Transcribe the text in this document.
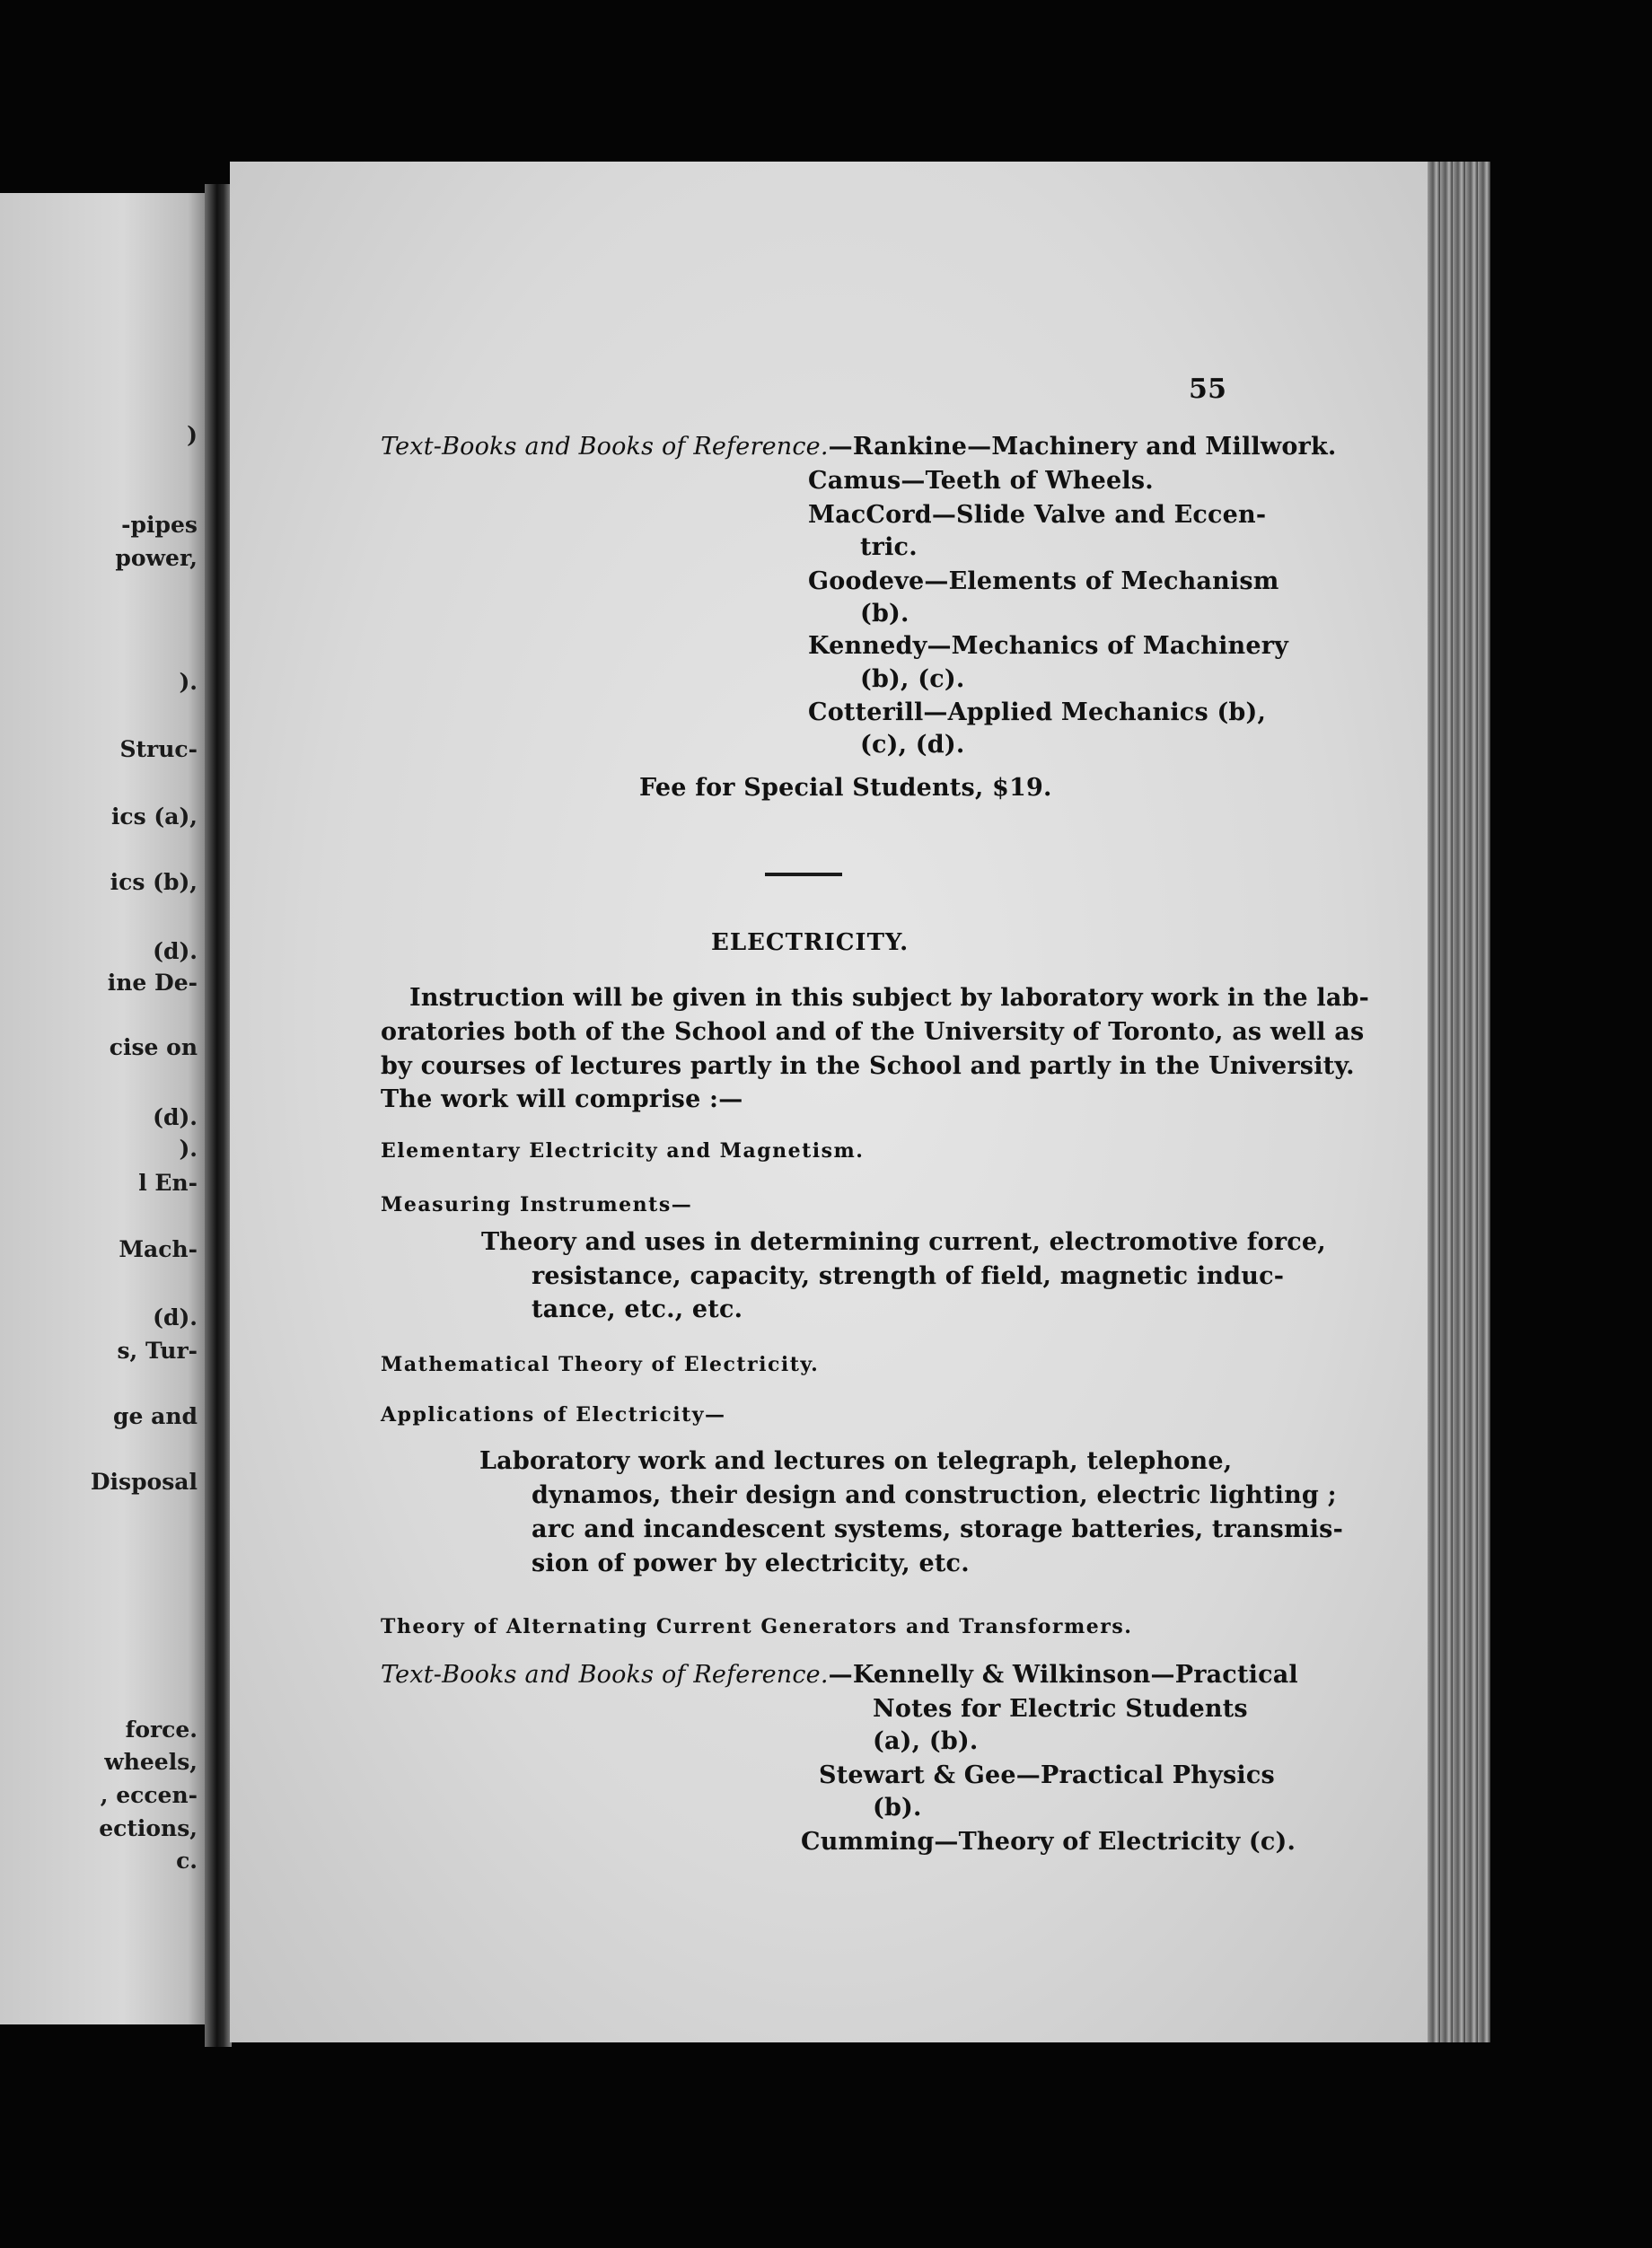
)
-pipes
power,
).
Struc-
ics (a),
ics (b),
(d).
ine De-
cise on
(d).
).
l En-
Mach-
(d).
s, Tur-
ge and
Disposal
force.
wheels,
, eccen-
ections,
c.
55
Text-Books and Books of Reference.—Rankine—Machinery and Millwork.
Camus—Teeth of Wheels.
MacCord—Slide Valve and Eccen-
tric.
Goodeve—Elements of Mechanism
(b).
Kennedy—Mechanics of Machinery
(b), (c).
Cotterill—Applied Mechanics (b),
(c), (d).
Fee for Special Students, $19.
ELECTRICITY.
Instruction will be given in this subject by laboratory work in the lab-
oratories both of the School and of the University of Toronto, as well as
by courses of lectures partly in the School and partly in the University.
The work will comprise :—
Elementary Electricity and Magnetism.
Measuring Instruments—
Theory and uses in determining current, electromotive force,
resistance, capacity, strength of field, magnetic induc-
tance, etc., etc.
Mathematical Theory of Electricity.
Applications of Electricity—
Laboratory work and lectures on telegraph, telephone,
dynamos, their design and construction, electric lighting ;
arc and incandescent systems, storage batteries, transmis-
sion of power by electricity, etc.
Theory of Alternating Current Generators and Transformers.
Text-Books and Books of Reference.—Kennelly & Wilkinson—Practical
Notes for Electric Students
(a), (b).
Stewart & Gee—Practical Physics
(b).
Cumming—Theory of Electricity (c).
